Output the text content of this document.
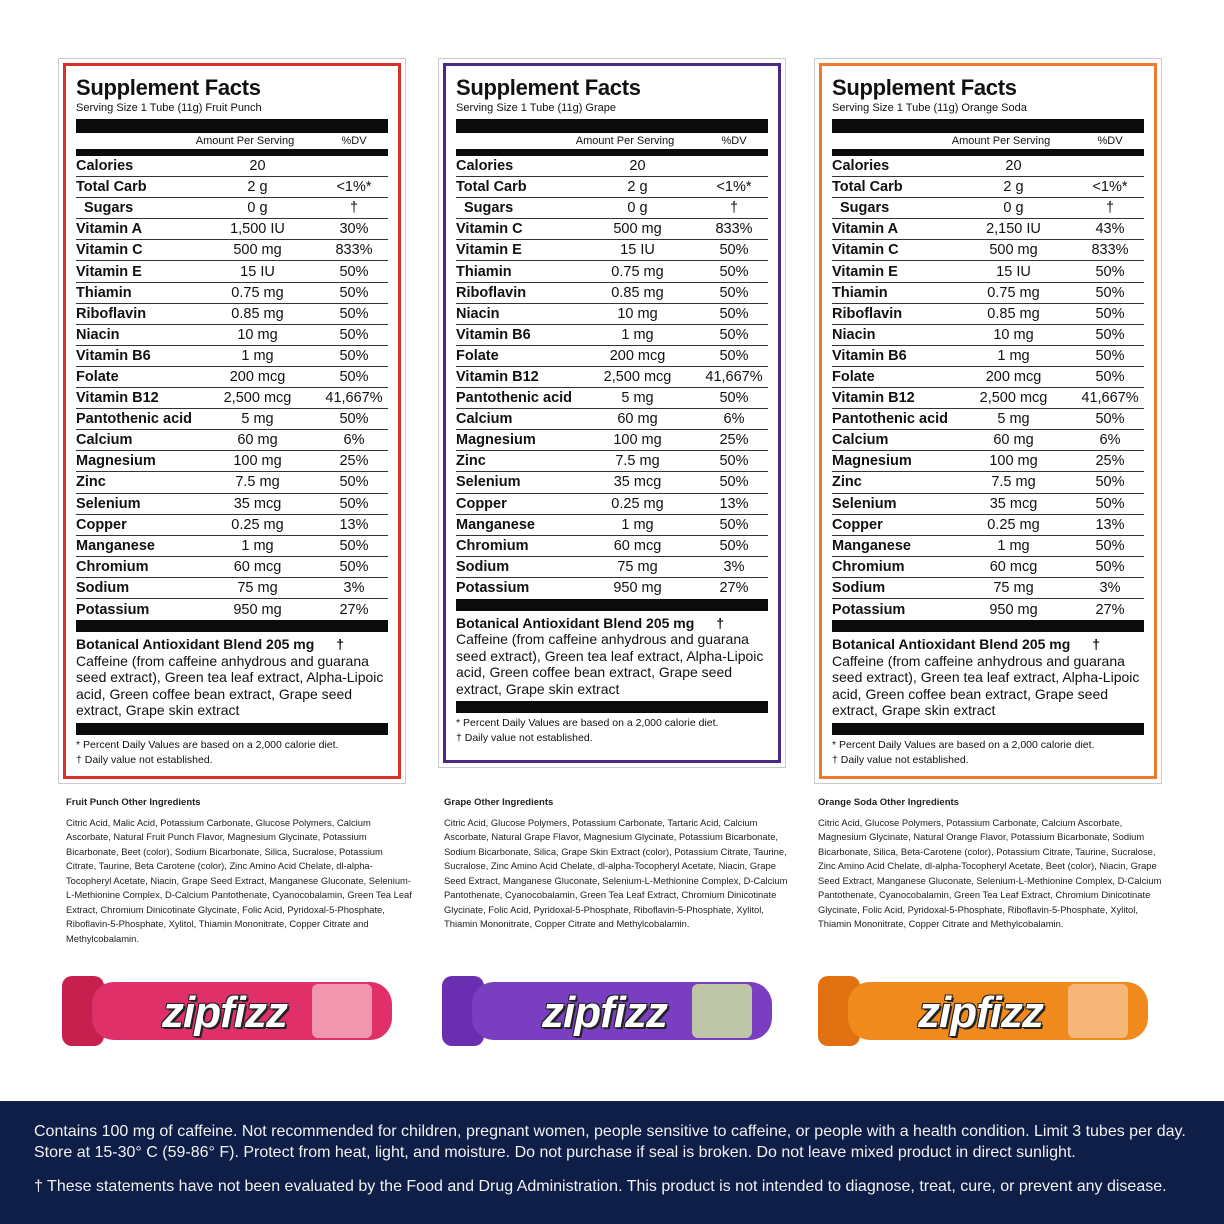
Supplement Facts
Serving Size 1 Tube (11g) Fruit Punch
Amount Per Serving	%DV
Calories	20
Total Carb	2 g	<1%*
Sugars	0 g	†
Vitamin A	1,500 IU	30%
Vitamin C	500 mg	833%
Vitamin E	15 IU	50%
Thiamin	0.75 mg	50%
Riboflavin	0.85 mg	50%
Niacin	10 mg	50%
Vitamin B6	1 mg	50%
Folate	200 mcg	50%
Vitamin B12	2,500 mcg	41,667%
Pantothenic acid	5 mg	50%
Calcium	60 mg	6%
Magnesium	100 mg	25%
Zinc	7.5 mg	50%
Selenium	35 mcg	50%
Copper	0.25 mg	13%
Manganese	1 mg	50%
Chromium	60 mcg	50%
Sodium	75 mg	3%
Potassium	950 mg	27%
Botanical Antioxidant Blend 205 mg †
Caffeine (from caffeine anhydrous and guarana seed extract), Green tea leaf extract, Alpha-Lipoic acid, Green coffee bean extract, Grape seed extract, Grape skin extract
* Percent Daily Values are based on a 2,000 calorie diet.
† Daily value not established.
Supplement Facts
Serving Size 1 Tube (11g) Grape
Amount Per Serving	%DV
Calories	20
Total Carb	2 g	<1%*
Sugars	0 g	†
Vitamin C	500 mg	833%
Vitamin E	15 IU	50%
Thiamin	0.75 mg	50%
Riboflavin	0.85 mg	50%
Niacin	10 mg	50%
Vitamin B6	1 mg	50%
Folate	200 mcg	50%
Vitamin B12	2,500 mcg	41,667%
Pantothenic acid	5 mg	50%
Calcium	60 mg	6%
Magnesium	100 mg	25%
Zinc	7.5 mg	50%
Selenium	35 mcg	50%
Copper	0.25 mg	13%
Manganese	1 mg	50%
Chromium	60 mcg	50%
Sodium	75 mg	3%
Potassium	950 mg	27%
Botanical Antioxidant Blend 205 mg †
Caffeine (from caffeine anhydrous and guarana seed extract), Green tea leaf extract, Alpha-Lipoic acid, Green coffee bean extract, Grape seed extract, Grape skin extract
* Percent Daily Values are based on a 2,000 calorie diet.
† Daily value not established.
Supplement Facts
Serving Size 1 Tube (11g) Orange Soda
Amount Per Serving	%DV
Calories	20
Total Carb	2 g	<1%*
Sugars	0 g	†
Vitamin A	2,150 IU	43%
Vitamin C	500 mg	833%
Vitamin E	15 IU	50%
Thiamin	0.75 mg	50%
Riboflavin	0.85 mg	50%
Niacin	10 mg	50%
Vitamin B6	1 mg	50%
Folate	200 mcg	50%
Vitamin B12	2,500 mcg	41,667%
Pantothenic acid	5 mg	50%
Calcium	60 mg	6%
Magnesium	100 mg	25%
Zinc	7.5 mg	50%
Selenium	35 mcg	50%
Copper	0.25 mg	13%
Manganese	1 mg	50%
Chromium	60 mcg	50%
Sodium	75 mg	3%
Potassium	950 mg	27%
Botanical Antioxidant Blend 205 mg †
Caffeine (from caffeine anhydrous and guarana seed extract), Green tea leaf extract, Alpha-Lipoic acid, Green coffee bean extract, Grape seed extract, Grape skin extract
* Percent Daily Values are based on a 2,000 calorie diet.
† Daily value not established.
Fruit Punch Other Ingredients
Citric Acid, Malic Acid, Potassium Carbonate, Glucose Polymers, Calcium Ascorbate, Natural Fruit Punch Flavor, Magnesium Glycinate, Potassium Bicarbonate, Beet (color), Sodium Bicarbonate, Silica, Sucralose, Potassium Citrate, Taurine, Beta Carotene (color), Zinc Amino Acid Chelate, dl-alpha-Tocopheryl Acetate, Niacin, Grape Seed Extract, Manganese Gluconate, Selenium-L-Methionine Complex, D-Calcium Pantothenate, Cyanocobalamin, Green Tea Leaf Extract, Chromium Dinicotinate Glycinate, Folic Acid, Pyridoxal-5-Phosphate, Riboflavin-5-Phosphate, Xylitol, Thiamin Mononitrate, Copper Citrate and Methylcobalamin.
Grape Other Ingredients
Citric Acid, Glucose Polymers, Potassium Carbonate, Tartaric Acid, Calcium Ascorbate, Natural Grape Flavor, Magnesium Glycinate, Potassium Bicarbonate, Sodium Bicarbonate, Silica, Grape Skin Extract (color), Potassium Citrate, Taurine, Sucralose, Zinc Amino Acid Chelate, dl-alpha-Tocopheryl Acetate, Niacin, Grape Seed Extract, Manganese Gluconate, Selenium-L-Methionine Complex, D-Calcium Pantothenate, Cyanocobalamin, Green Tea Leaf Extract, Chromium Dinicotinate Glycinate, Folic Acid, Pyridoxal-5-Phosphate, Riboflavin-5-Phosphate, Xylitol, Thiamin Mononitrate, Copper Citrate and Methylcobalamin.
Orange Soda Other Ingredients
Citric Acid, Glucose Polymers, Potassium Carbonate, Calcium Ascorbate, Magnesium Glycinate, Natural Orange Flavor, Potassium Bicarbonate, Sodium Bicarbonate, Silica, Beta-Carotene (color), Potassium Citrate, Taurine, Sucralose, Zinc Amino Acid Chelate, dl-alpha-Tocopheryl Acetate, Beet (color), Niacin, Grape Seed Extract, Manganese Gluconate, Selenium-L-Methionine Complex, D-Calcium Pantothenate, Cyanocobalamin, Green Tea Leaf Extract, Chromium Dinicotinate Glycinate, Folic Acid, Pyridoxal-5-Phosphate, Riboflavin-5-Phosphate, Xylitol, Thiamin Mononitrate, Copper Citrate and Methylcobalamin.
zipfizz	zipfizz	zipfizz

Contains 100 mg of caffeine. Not recommended for children, pregnant women, people sensitive to caffeine, or people with a health condition. Limit 3 tubes per day. Store at 15-30° C (59-86° F). Protect from heat, light, and moisture. Do not purchase if seal is broken. Do not leave mixed product in direct sunlight.

† These statements have not been evaluated by the Food and Drug Administration. This product is not intended to diagnose, treat, cure, or prevent any disease.
